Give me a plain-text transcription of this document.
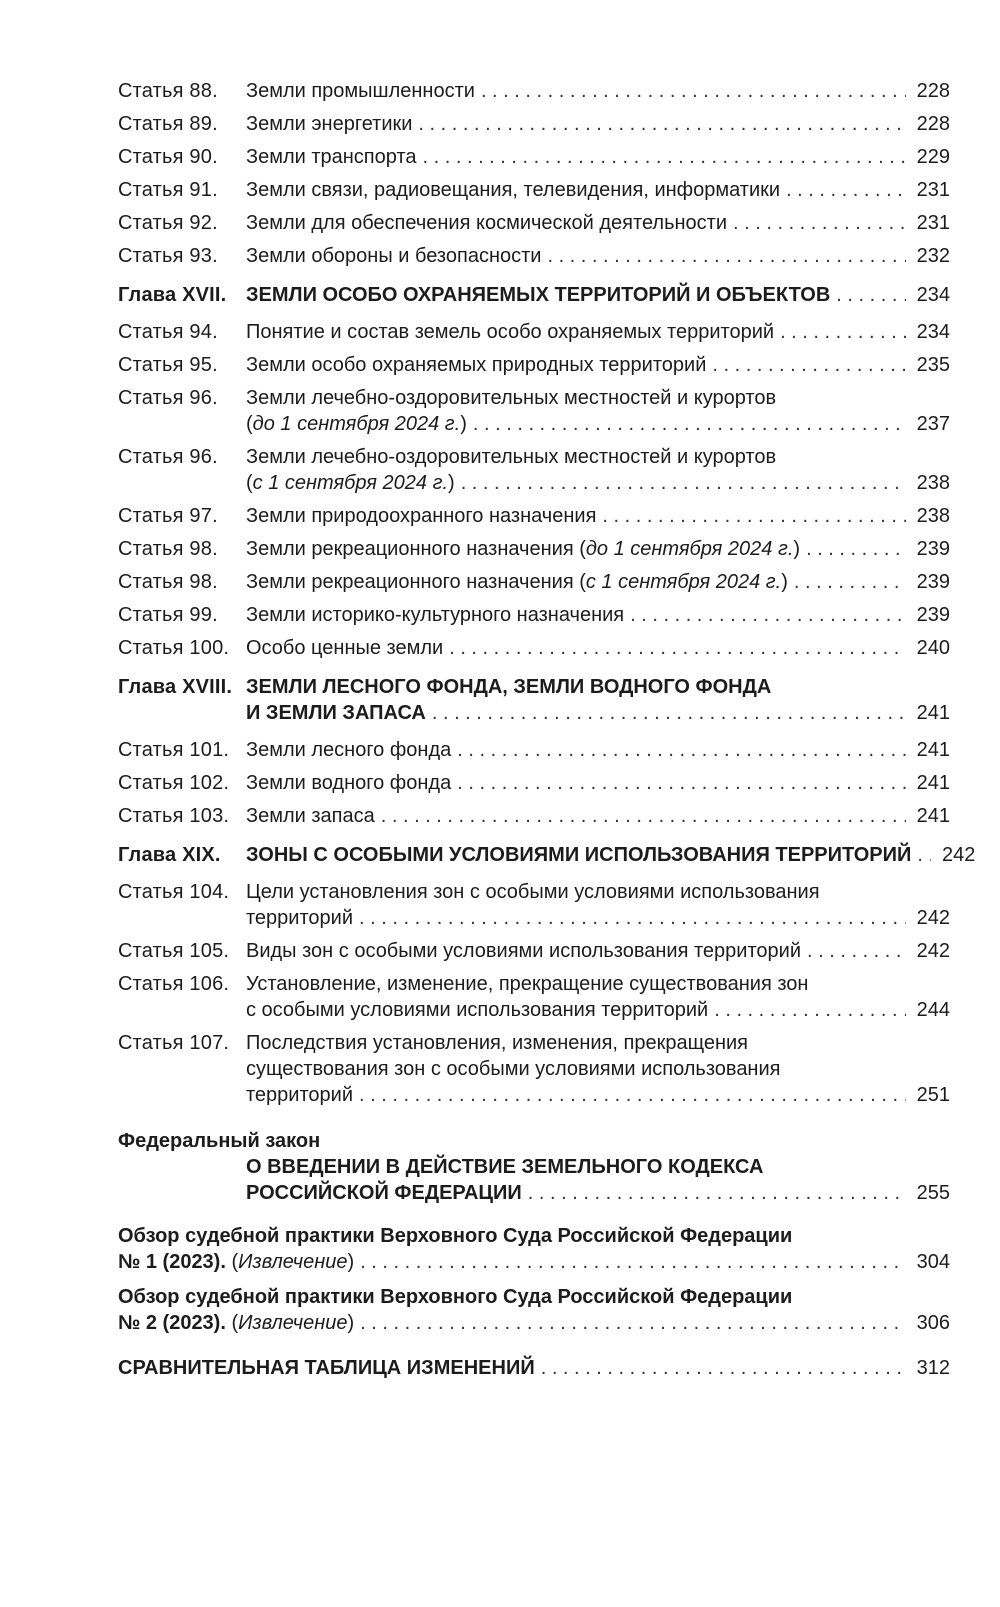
Статья 88.	Земли промышленности . . .	228
Статья 89.	Земли энергетики . . .	228
Статья 90.	Земли транспорта . . .	229
Статья 91.	Земли связи, радиовещания, телевидения, информатики . . .	231
Статья 92.	Земли для обеспечения космической деятельности . . .	231
Статья 93.	Земли обороны и безопасности . . .	232
Глава XVII. ЗЕМЛИ ОСОБО ОХРАНЯЕМЫХ ТЕРРИТОРИЙ И ОБЪЕКТОВ . . .	234
Статья 94.	Понятие и состав земель особо охраняемых территорий . . .	234
Статья 95.	Земли особо охраняемых природных территорий . . .	235
Статья 96.	Земли лечебно-оздоровительных местностей и курортов
(до 1 сентября 2024 г.) . . .	237
Статья 96.	Земли лечебно-оздоровительных местностей и курортов
(с 1 сентября 2024 г.) . . .	238
Статья 97.	Земли природоохранного назначения . . .	238
Статья 98.	Земли рекреационного назначения (до 1 сентября 2024 г.) . . .	239
Статья 98.	Земли рекреационного назначения (с 1 сентября 2024 г.) . . .	239
Статья 99.	Земли историко-культурного назначения . . .	239
Статья 100. Особо ценные земли . . .	240
Глава XVIII. ЗЕМЛИ ЛЕСНОГО ФОНДА, ЗЕМЛИ ВОДНОГО ФОНДА
И ЗЕМЛИ ЗАПАСА . . .	241
Статья 101. Земли лесного фонда . . .	241
Статья 102. Земли водного фонда . . .	241
Статья 103. Земли запаса . . .	241
Глава XIX.	ЗОНЫ С ОСОБЫМИ УСЛОВИЯМИ ИСПОЛЬЗОВАНИЯ ТЕРРИТОРИЙ . . .	242
Статья 104. Цели установления зон с особыми условиями использования
территорий . . .	242
Статья 105. Виды зон с особыми условиями использования территорий . . .	242
Статья 106. Установление, изменение, прекращение существования зон
с особыми условиями использования территорий . . .	244
Статья 107. Последствия установления, изменения, прекращения
существования зон с особыми условиями использования
территорий . . .	251
Федеральный закон
О ВВЕДЕНИИ В ДЕЙСТВИЕ ЗЕМЕЛЬНОГО КОДЕКСА
РОССИЙСКОЙ ФЕДЕРАЦИИ . . .	255
Обзор судебной практики Верховного Суда Российской Федерации
№ 1 (2023). (Извлечение) . . .	304
Обзор судебной практики Верховного Суда Российской Федерации
№ 2 (2023). (Извлечение) . . .	306
СРАВНИТЕЛЬНАЯ ТАБЛИЦА ИЗМЕНЕНИЙ . . .	312
